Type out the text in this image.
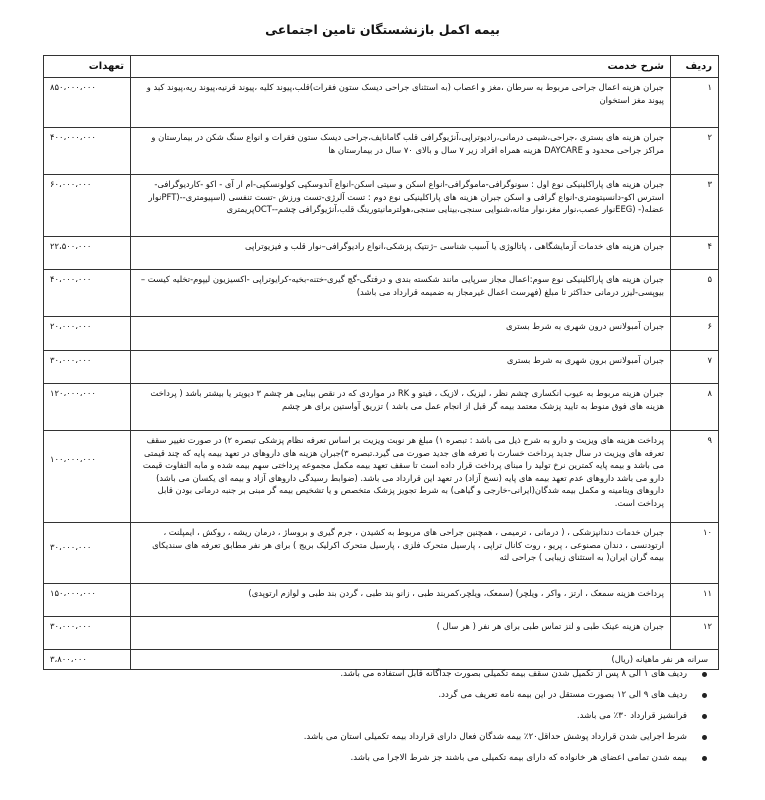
بیمه اکمل بازنشستگان تامین اجتماعی
ردیف	شرح خدمت	تعهدات
۱	جبران هزینه اعمال جراحی مربوط به سرطان ،مغز و اعصاب (به استثنای جراحی دیسک ستون فقرات)قلب،پیوند کلیه ،پیوند قرنیه،پیوند ریه،پیوند کبد و پیوند مغز استخوان	۸۵۰،۰۰۰،۰۰۰
۲	جبران هزینه های بستری ،جراحی،شیمی درمانی،رادیوتراپی،آنژیوگرافی قلب گامانایف،جراحی دیسک ستون فقرات و انواع سنگ شکن در بیمارستان و مراکز جراحی محدود و DAYCARE هزینه همراه افراد زیر ۷ سال و بالای ۷۰ سال در بیمارستان ها	۴۰۰،۰۰۰،۰۰۰
۳	جبران هزینه های پاراکلینیکی نوع اول : سونوگرافی-ماموگرافی-انواع اسکن و سیتی اسکن-انواع آندوسکپی کولونسکپی-ام ار آی - اکو -کاردیوگرافی-استرس اکو-دانسیتومتری-انواع گرافی و اسکن جبران هزینه های پاراکلینیکی نوع دوم : تست آلرژی-تست ورزش -تست تنفسی (اسپیومتری--(PFTنوار عضله(- (EEGنوار عصب،نوار مغز،نوار مثانه،شنوایی سنجی،بینایی سنجی،هولترمانیتورینگ قلب،آنژیوگرافی چشم--OCTپریمتری	۶۰،۰۰۰،۰۰۰
۴	جبران هزینه های خدمات آزمایشگاهی ، پاتالوژی یا آسیب شناسی –ژنتیک پزشکی،انواع رادیوگرافی–نوار قلب و فیزیوتراپی	۲۲،۵۰۰،۰۰۰
۵	جبران هزینه های پاراکلینیکی نوع سوم:اعمال مجاز سرپایی مانند شکسته بندی و درفتگی-گچ گیری-ختنه-بخیه-کرایوتراپی -اکسیزیون لیپوم-تخلیه کیست –بیوپسی-لیزر درمانی حداکثر تا مبلغ (فهرست اعمال غیرمجاز به ضمیمه قرارداد می باشد)	۴۰،۰۰۰،۰۰۰
۶	جبران آمبولانس درون شهری به شرط بستری	۲۰،۰۰۰،۰۰۰
۷	جبران آمبولانس برون شهری به شرط بستری	۳۰،۰۰۰،۰۰۰
۸	جبران هزینه مربوط به عیوب انکساری چشم نظر ، لیزیک ، لازیک ، فیتو و RK در مواردی که در نقص بینایی هر چشم ۳ دیوپتر یا بیشتر باشد ( پرداخت هزینه های فوق منوط به تایید پزشک معتمد بیمه گر قبل از انجام عمل می باشد ) تزریق آواستین برای هر چشم	۱۲۰،۰۰۰،۰۰۰
۹	پرداخت هزینه های ویزیت و دارو به شرح ذیل می باشد : تبصره ۱) مبلغ هر نوبت ویزیت بر اساس تعرفه نظام پزشکی تبصره ۲) در صورت تغییر سقف تعرفه های ویزیت در سال جدید پرداخت خسارت با تعرفه های جدید صورت می گیرد.تبصره ۳)جبران هزینه های داروهای در تعهد بیمه پایه که چند قیمتی می باشد و بیمه پایه کمترین نرخ تولید را مبنای پرداخت قرار داده است تا سقف تعهد بیمه مکمل مجموعه پرداختی سهم بیمه شده و مابه التفاوت قیمت دارو می باشد داروهای عدم تعهد بیمه های پایه (نسخ آزاد) در تعهد این قرارداد می باشد. (ضوابط رسیدگی داروهای آزاد و بیمه ای یکسان می باشد) داروهای ویتامینه و مکمل بیمه شدگان(ایرانی-خارجی و گیاهی) به شرط تجویز پزشک متخصص و یا تشخیص بیمه گر مبنی بر جنبه درمانی بودن قابل پرداخت است.	۱۰۰،۰۰۰،۰۰۰
۱۰	جبران خدمات دندانپزشکی ، ( درمانی ، ترمیمی ، همچنین جراحی های مربوط به کشیدن ، جرم گیری و بروساژ ، درمان ریشه ، روکش ، ایمپلنت ، ارتودنسی ، دندان مصنوعی ، پریو ، روت کانال تراپی ، پارسیل متحرک فلزی ، پارسیل متحرک اکرلیک بریج ) برای هر نفر مطابق تعرفه های سندیکای بیمه گران ایران( به استثنای زیبایی ) جراحی لثه	۳۰،۰۰۰،۰۰۰
۱۱	پرداخت هزینه سمعک ، ارتز ، واکر ، ویلچر) (سمعک، ویلچر،کمربند طبی ، زانو بند طبی ، گردن بند طبی و لوازم ارتوپدی)	۱۵۰،۰۰۰،۰۰۰
۱۲	جبران هزینه عینک طبی و لنز تماس طبی برای هر نفر ( هر سال )	۳۰،۰۰۰،۰۰۰
سرانه هر نفر ماهیانه (ریال)		۳،۸۰۰،۰۰۰
ردیف های ۱ الی ۸ پس از تکمیل شدن سقف بیمه تکمیلی بصورت جداگانه قابل استفاده می باشد.
ردیف های ۹ الی ۱۲ بصورت مستقل در این بیمه نامه تعریف می گردد.
فرانشیز قرارداد ۳۰٪ می باشد.
شرط اجرایی شدن قرارداد پوشش حداقل۲۰٪ بیمه شدگان فعال دارای قرارداد بیمه تکمیلی استان می باشد.
بیمه شدن تمامی اعضای هر خانواده که دارای بیمه تکمیلی می باشند جز شرط الاجرا می باشد.
